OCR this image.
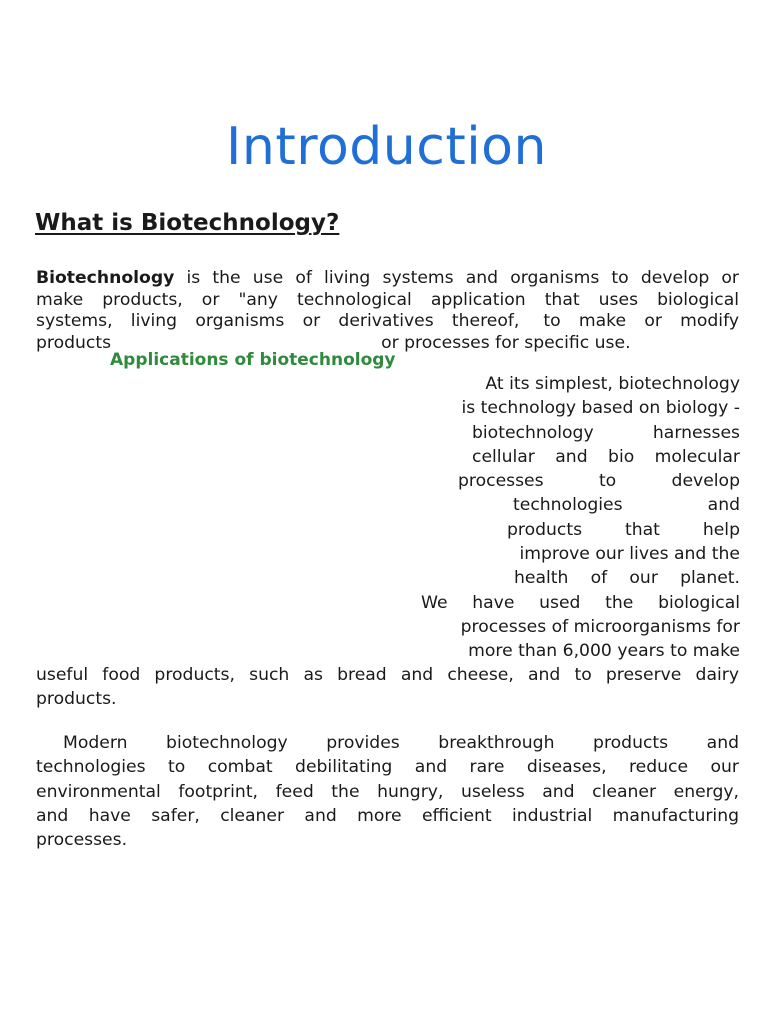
Introduction
What is Biotechnology?
Biotechnology is the use of living systems and organisms to develop or
make products, or "any technological application that uses biological
systems, living organisms or derivatives thereof, to make or modify
products	or processes for specific use.
Applications of biotechnology
At its simplest, biotechnology
is technology based on biology -
biotechnology harnesses
cellular and bio molecular
processes to develop
technologies and
products that help
improve our lives and the
health of our planet.
We have used the biological
processes of microorganisms for
more than 6,000 years to make
useful food products, such as bread and cheese, and to preserve dairy
products.
Modern biotechnology provides breakthrough products and
technologies to combat debilitating and rare diseases, reduce our
environmental footprint, feed the hungry, useless and cleaner energy,
and have safer, cleaner and more efficient industrial manufacturing
processes.
